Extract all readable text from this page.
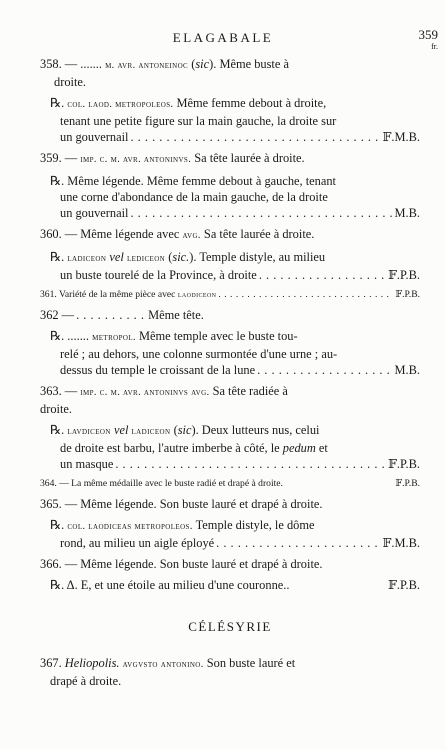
ELAGABALE	359
fr.
358. — ....... m. avr. antoneinoc (sic). Même buste à
droite.
℞. col. laod. metropoleos. Même femme debout à droite,
tenant une petite figure sur la main gauche, la droite sur
un gouvernail . . .	𝔽.M.B.
359. — imp. c. m. avr. antoninvs. Sa tête laurée à droite.
℞. Même légende. Même femme debout à gauche, tenant
une corne d'abondance de la main gauche, de la droite
un gouvernail . . .	M.B.
360. — Même légende avec avg. Sa tête laurée à droite.
℞. ladiceon vel lediceon (sic.). Temple distyle, au milieu
un buste tourelé de la Province, à droite . . .	𝔽.P.B.
361. Variété de la même pièce avec laodiceon . . .	𝔽.P.B.
362 — . . .	Même tête.
℞. ....... metropol. Même temple avec le buste tou-
relé ; au dehors, une colonne surmontée d'une urne ; au-
dessus du temple le croissant de la lune . . .	M.B.
363. — imp. c. m. avr. antoninvs avg. Sa tête radiée à
droite.
℞. lavdiceon vel ladiceon (sic). Deux lutteurs nus, celui
de droite est barbu, l'autre imberbe à côté, le pedum et
un masque . . .	𝔽.P.B.
364. — La même médaille avec le buste radié et drapé à droite.	𝔽.P.B.
365. — Même légende. Son buste lauré et drapé à droite.
℞. col. laodiceas metropoleos. Temple distyle, le dôme
rond, au milieu un aigle éployé . . .	𝔽.M.B.
366. — Même légende. Son buste lauré et drapé à droite.
℞. Δ. Ε, et une étoile au milieu d'une couronne..	𝔽.P.B.
CÉLÉSYRIE
367. Heliopolis. avgvsto antonino. Son buste lauré et
drapé à droite.
